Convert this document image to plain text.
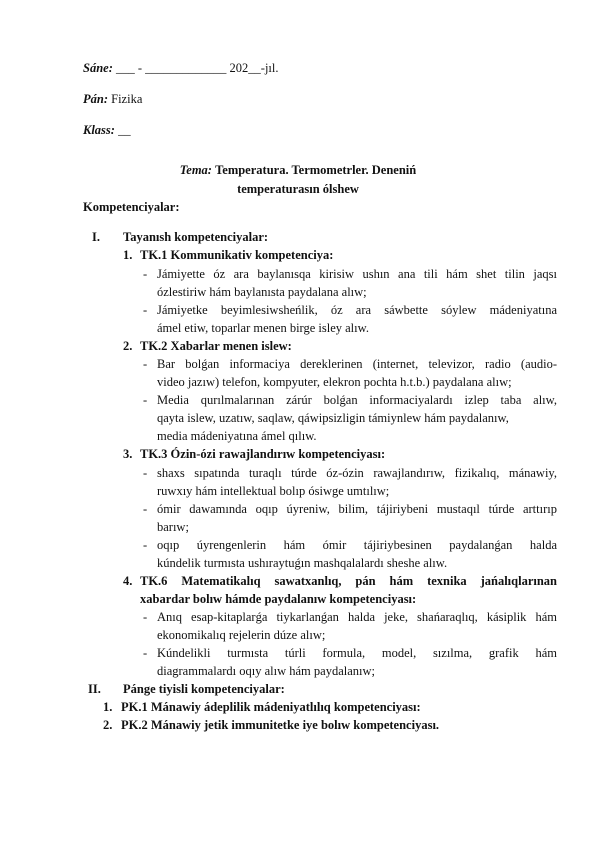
Sáne: ___ - _____________ 202__-jıl.
Pán: Fizika
Klass: __
Tema: Temperatura. Termometrler. Deneniń
temperaturasın ólshew
Kompetenciyalar:
I. Tayanısh kompetenciyalar:
1. TK.1 Kommunikativ kompetenciya:
- Jámiyette óz ara baylanısqa kirisiw ushın ana tili hám shet tilin jaqsı
ózlestiriw hám baylanısta paydalana alıw;
- Jámiyetke beyimlesiwsheńlik, óz ara sáwbette sóylew mádeniyatına
ámel etiw, toparlar menen birge isley alıw.
2. TK.2 Xabarlar menen islew:
- Bar bolǵan informaciya dereklerinen (internet, televizor, radio (audio-
video jazıw) telefon, kompyuter, elekron pochta h.t.b.) paydalana alıw;
- Media qurılmalarınan zárúr bolǵan informaciyalardı izlep taba alıw,
qayta islew, uzatıw, saqlaw, qáwipsizligin támiynlew hám paydalanıw,
media mádeniyatına ámel qılıw.
3. TK.3 Ózin-ózi rawajlandırıw kompetenciyası:
- shaxs sıpatında turaqlı túrde óz-ózin rawajlandırıw, fizikalıq, mánawiy,
ruwxıy hám intellektual bolıp ósiwge umtılıw;
- ómir dawamında oqıp úyreniw, bilim, tájiriybeni mustaqıl túrde arttırıp
barıw;
- oqıp úyrengenlerin hám ómir tájiriybesinen paydalanǵan halda
kúndelik turmısta ushıraytuǵın mashqalalardı sheshe alıw.
4. TK.6 Matematikalıq sawatxanlıq, pán hám texnika jańalıqlarınan
xabardar bolıw hámde paydalanıw kompetenciyası:
- Anıq esap-kitaplarǵa tiykarlanǵan halda jeke, shańaraqlıq, kásiplik hám
ekonomikalıq rejelerin dúze alıw;
- Kúndelikli turmısta túrli formula, model, sızılma, grafik hám
diagrammalardı oqıy alıw hám paydalanıw;
II. Pánge tiyisli kompetenciyalar:
1. PK.1 Mánawiy ádeplilik mádeniyatlılıq kompetenciyası:
2. PK.2 Mánawiy jetik immunitetke iye bolıw kompetenciyası.
